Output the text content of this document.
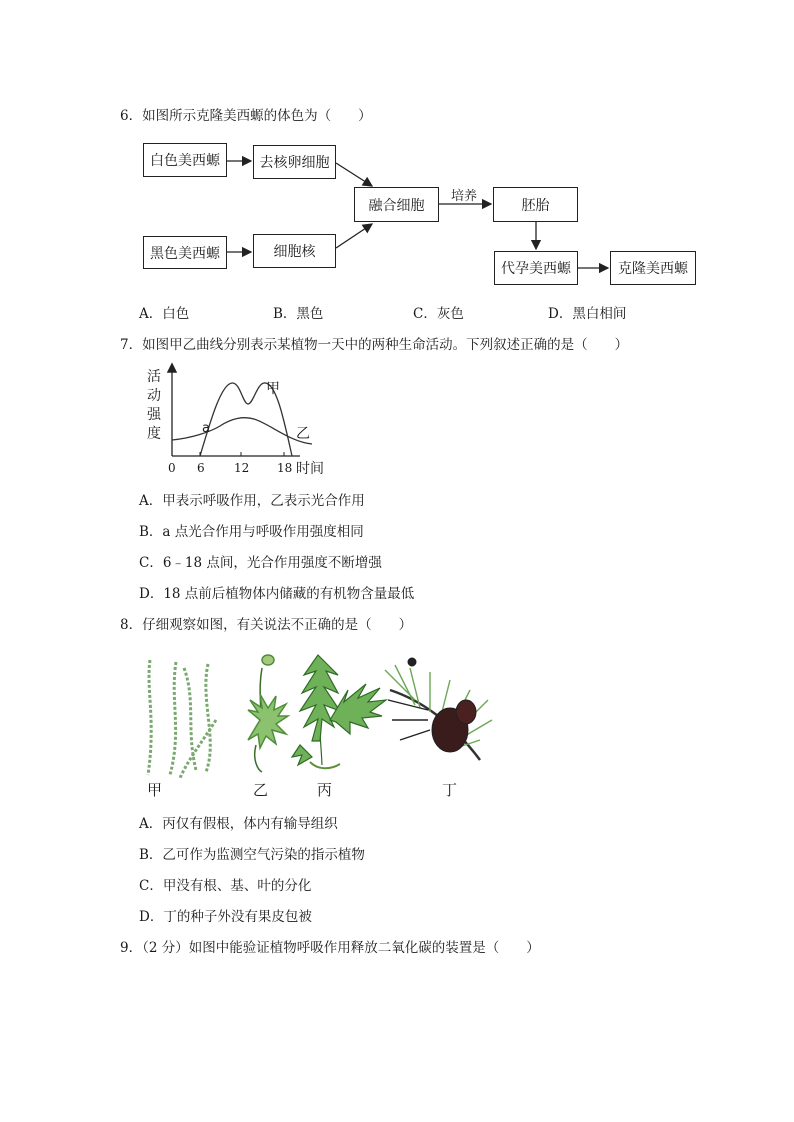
6．如图所示克隆美西螈的体色为（　　）
白色美西螈	去核卵细胞
黑色美西螈	细胞核
融合细胞	胚胎
代孕美西螈	克隆美西螈
培养
A．白色	B．黑色	C．灰色	D．黑白相间
7．如图甲乙曲线分别表示某植物一天中的两种生命活动。下列叙述正确的是（　　）
活
动
强
度
甲
乙
a
0 6 12 18 时间
A．甲表示呼吸作用，乙表示光合作用
B．a 点光合作用与呼吸作用强度相同
C．6﹣18 点间，光合作用强度不断增强
D．18 点前后植物体内储藏的有机物含量最低
8．仔细观察如图，有关说法不正确的是（　　）
甲	乙	丙	丁
A．丙仅有假根，体内有输导组织
B．乙可作为监测空气污染的指示植物
C．甲没有根、基、叶的分化
D．丁的种子外没有果皮包被
9．（2 分）如图中能验证植物呼吸作用释放二氧化碳的装置是（　　）
